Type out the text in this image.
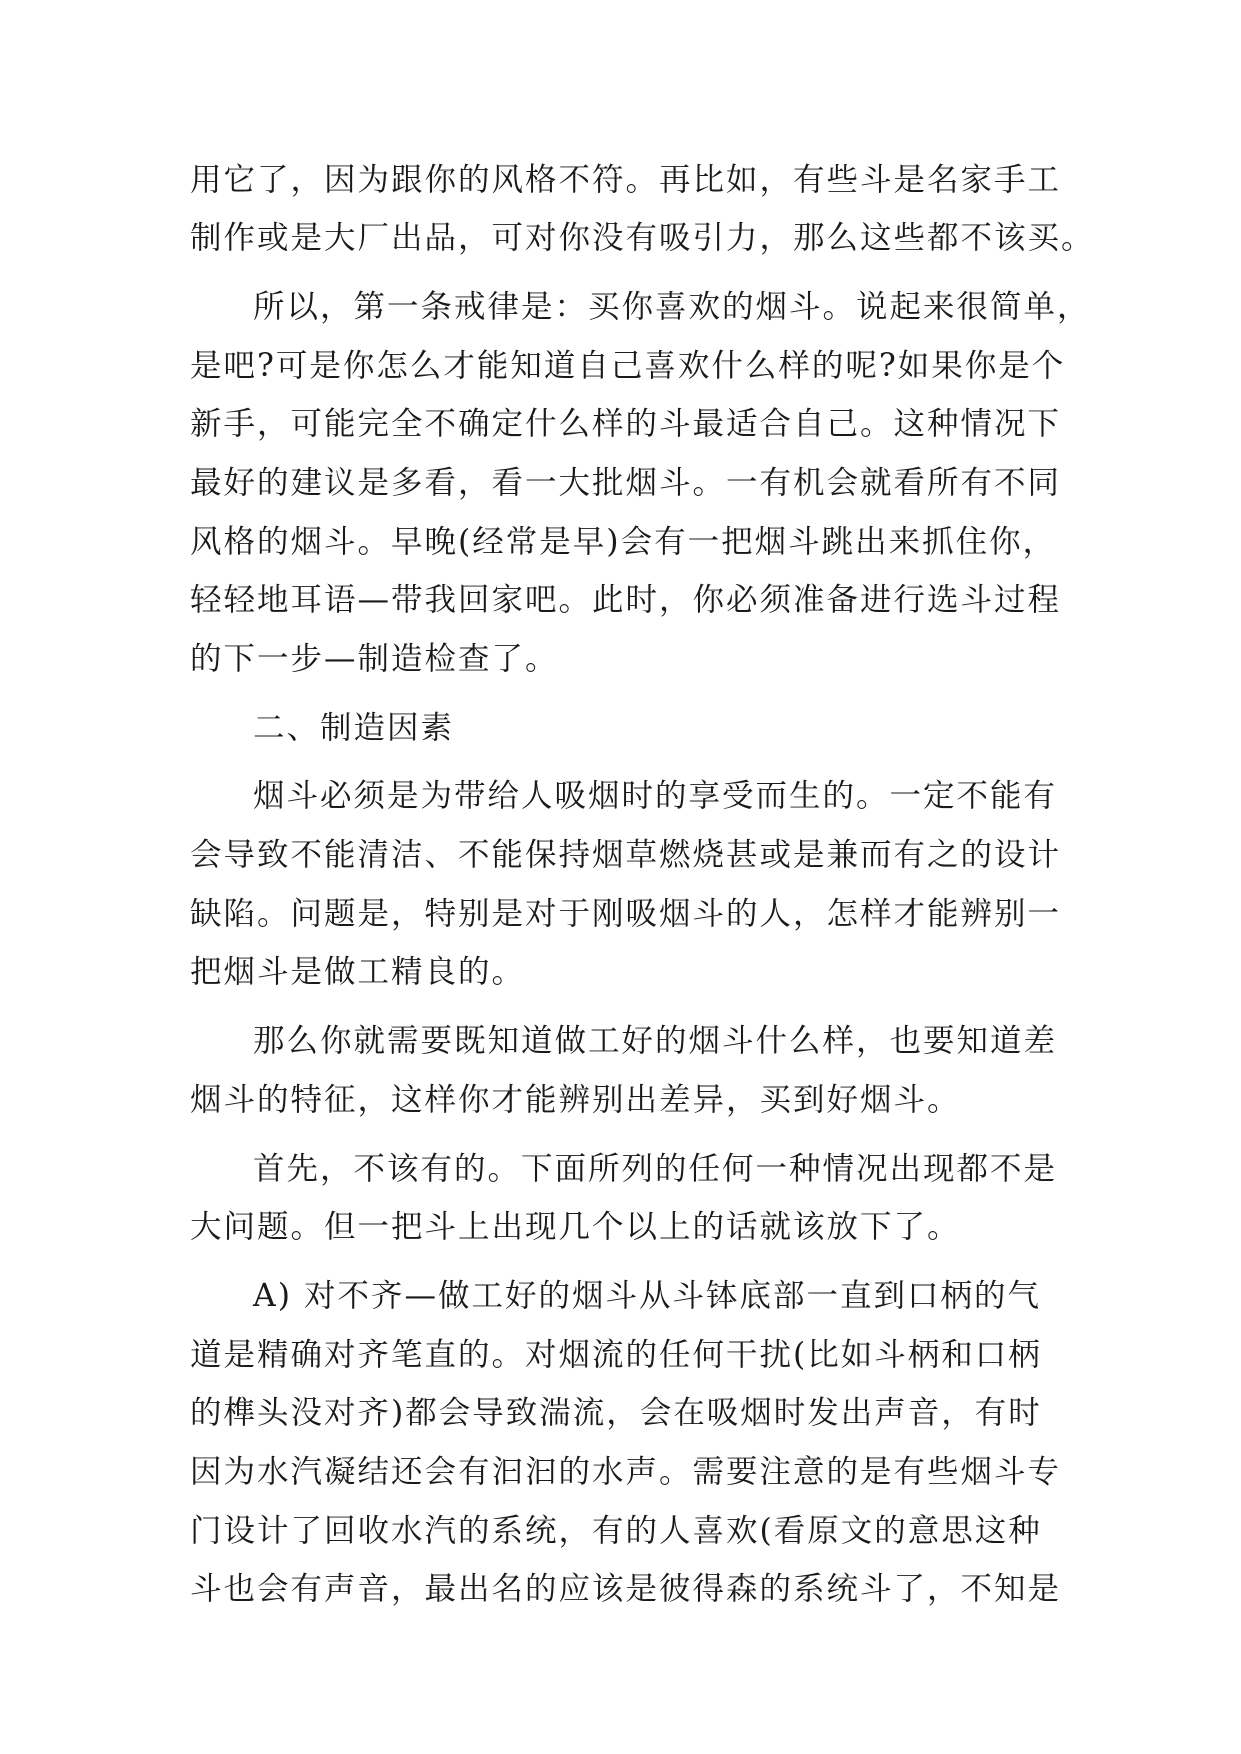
用它了，因为跟你的风格不符。再比如，有些斗是名家手工
制作或是大厂出品，可对你没有吸引力，那么这些都不该买。
所以，第一条戒律是：买你喜欢的烟斗。说起来很简单，
是吧?可是你怎么才能知道自己喜欢什么样的呢?如果你是个
新手，可能完全不确定什么样的斗最适合自己。这种情况下
最好的建议是多看，看一大批烟斗。一有机会就看所有不同
风格的烟斗。早晚(经常是早)会有一把烟斗跳出来抓住你，
轻轻地耳语—带我回家吧。此时，你必须准备进行选斗过程
的下一步—制造检查了。
二、制造因素
烟斗必须是为带给人吸烟时的享受而生的。一定不能有
会导致不能清洁、不能保持烟草燃烧甚或是兼而有之的设计
缺陷。问题是，特别是对于刚吸烟斗的人，怎样才能辨别一
把烟斗是做工精良的。
那么你就需要既知道做工好的烟斗什么样，也要知道差
烟斗的特征，这样你才能辨别出差异，买到好烟斗。
首先，不该有的。下面所列的任何一种情况出现都不是
大问题。但一把斗上出现几个以上的话就该放下了。
A) 对不齐—做工好的烟斗从斗钵底部一直到口柄的气
道是精确对齐笔直的。对烟流的任何干扰(比如斗柄和口柄
的榫头没对齐)都会导致湍流，会在吸烟时发出声音，有时
因为水汽凝结还会有汩汩的水声。需要注意的是有些烟斗专
门设计了回收水汽的系统，有的人喜欢(看原文的意思这种
斗也会有声音，最出名的应该是彼得森的系统斗了，不知是
